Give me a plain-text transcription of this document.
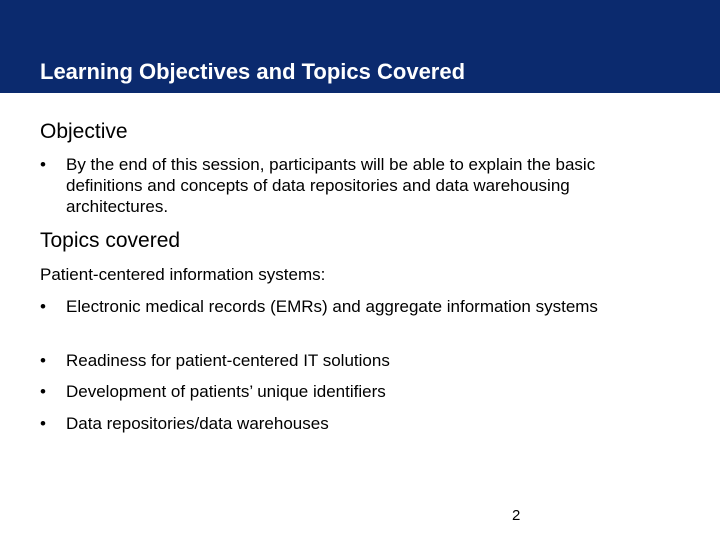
Learning Objectives and Topics Covered
Objective
• By the end of this session, participants will be able to explain the basic definitions and concepts of data repositories and data warehousing architectures.
Topics covered
Patient-centered information systems:
• Electronic medical records (EMRs) and aggregate information systems
• Readiness for patient-centered IT solutions
• Development of patients’ unique identifiers
• Data repositories/data warehouses
2
